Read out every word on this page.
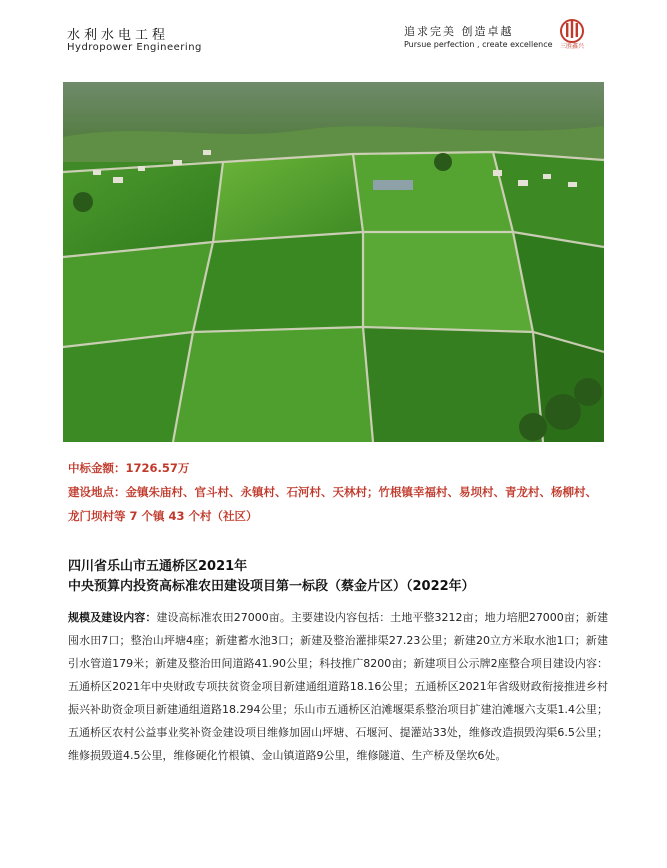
水利水电工程
Hydropower Engineering
追求完美 创造卓越
Pursue perfection , create excellence	三胜鑫兴

中标金额：1726.57万

建设地点：金镇朱庙村、官斗村、永镇村、石河村、天林村；竹根镇幸福村、易坝村、青龙村、杨柳村、龙门坝村等 7 个镇 43 个村（社区）

四川省乐山市五通桥区2021年
中央预算内投资高标准农田建设项目第一标段（蔡金片区）（2022年）
规模及建设内容：建设高标准农田27000亩。主要建设内容包括：土地平整3212亩；地力培肥27000亩；新建囤水田7口；整治山坪塘4座；新建蓄水池3口；新建及整治灌排渠27.23公里；新建20立方米取水池1口；新建引水管道179米；新建及整治田间道路41.90公里；科技推广8200亩；新建项目公示牌2座整合项目建设内容：五通桥区2021年中央财政专项扶贫资金项目新建通组道路18.16公里；五通桥区2021年省级财政衔接推进乡村振兴补助资金项目新建通组道路18.294公里；乐山市五通桥区泊滩堰渠系整治项目扩建泊滩堰六支渠1.4公里；五通桥区农村公益事业奖补资金建设项目维修加固山坪塘、石堰河、提灌站33处，维修改造损毁沟渠6.5公里；维修损毁道4.5公里，维修硬化竹根镇、金山镇道路9公里，维修隧道、生产桥及堡坎6处。
